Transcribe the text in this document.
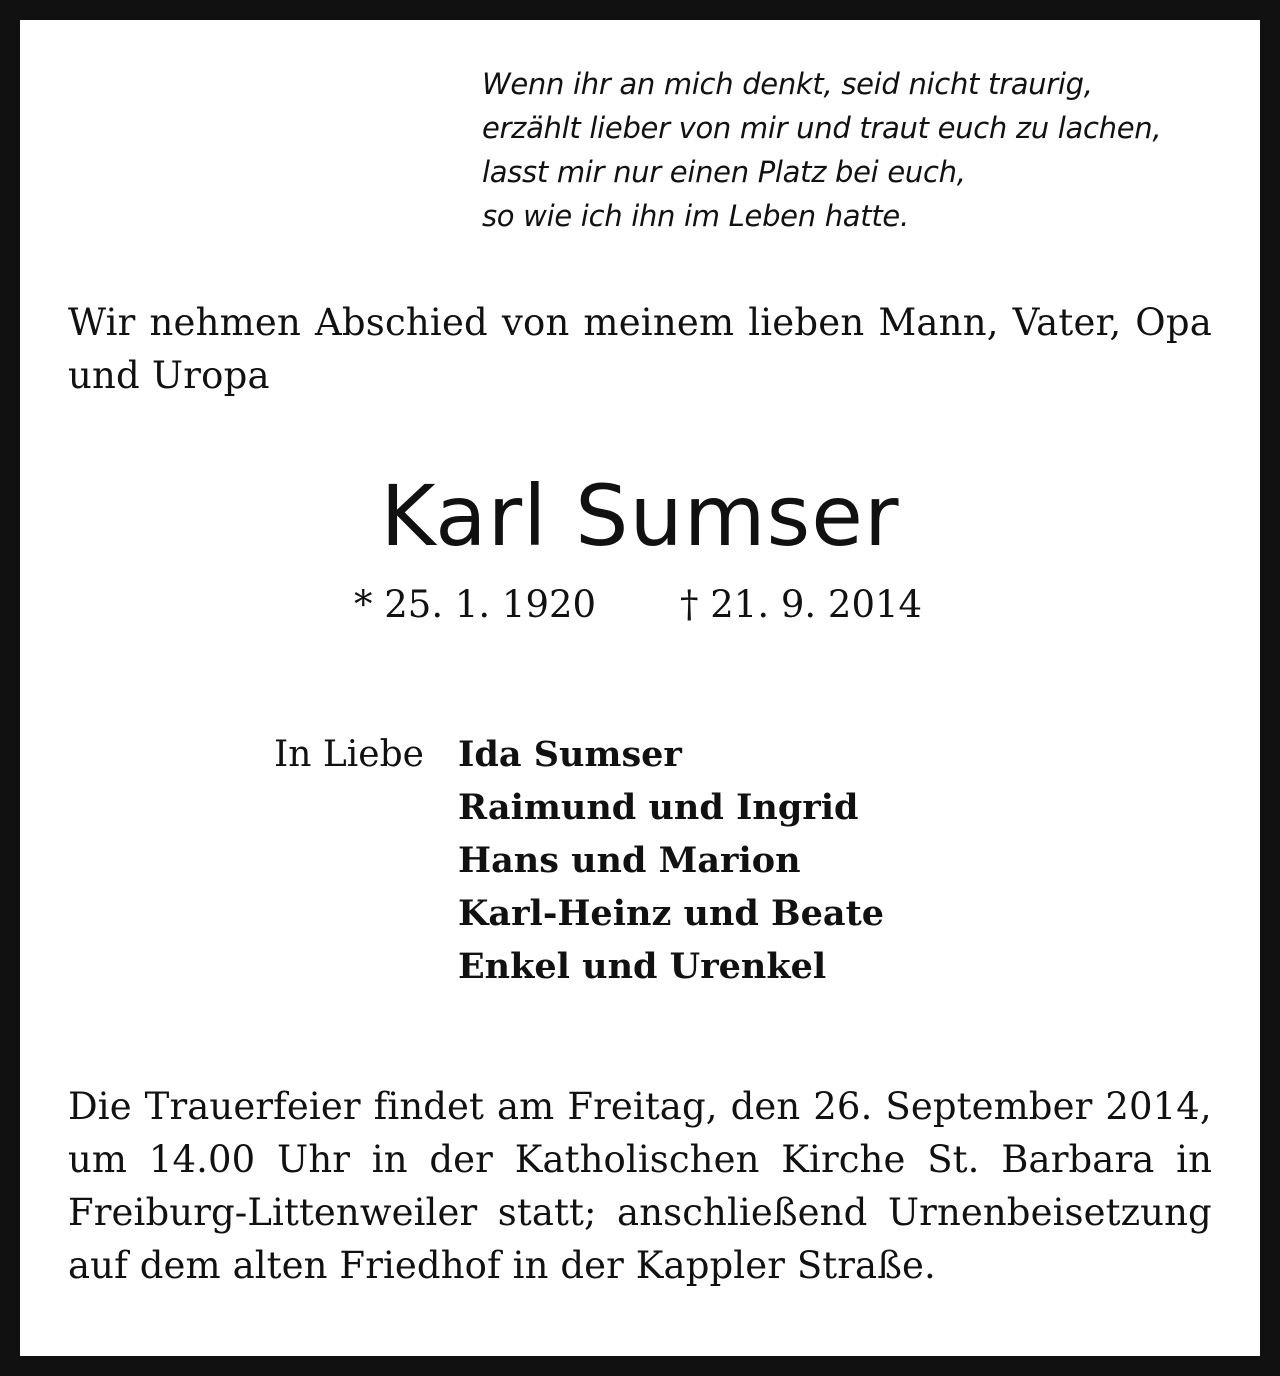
Wenn ihr an mich denkt, seid nicht traurig,
erzählt lieber von mir und traut euch zu lachen,
lasst mir nur einen Platz bei euch,
so wie ich ihn im Leben hatte.
Wir nehmen Abschied von meinem lieben Mann, Vater, Opa und Uropa
Karl Sumser
* 25. 1. 1920 † 21. 9. 2014
In Liebe Ida Sumser
Raimund und Ingrid
Hans und Marion
Karl-Heinz und Beate
Enkel und Urenkel
Die Trauerfeier findet am Freitag, den 26. September 2014,
um 14.00 Uhr in der Katholischen Kirche St. Barbara in
Freiburg-Littenweiler statt; anschließend Urnenbeisetzung
auf dem alten Friedhof in der Kappler Straße.
